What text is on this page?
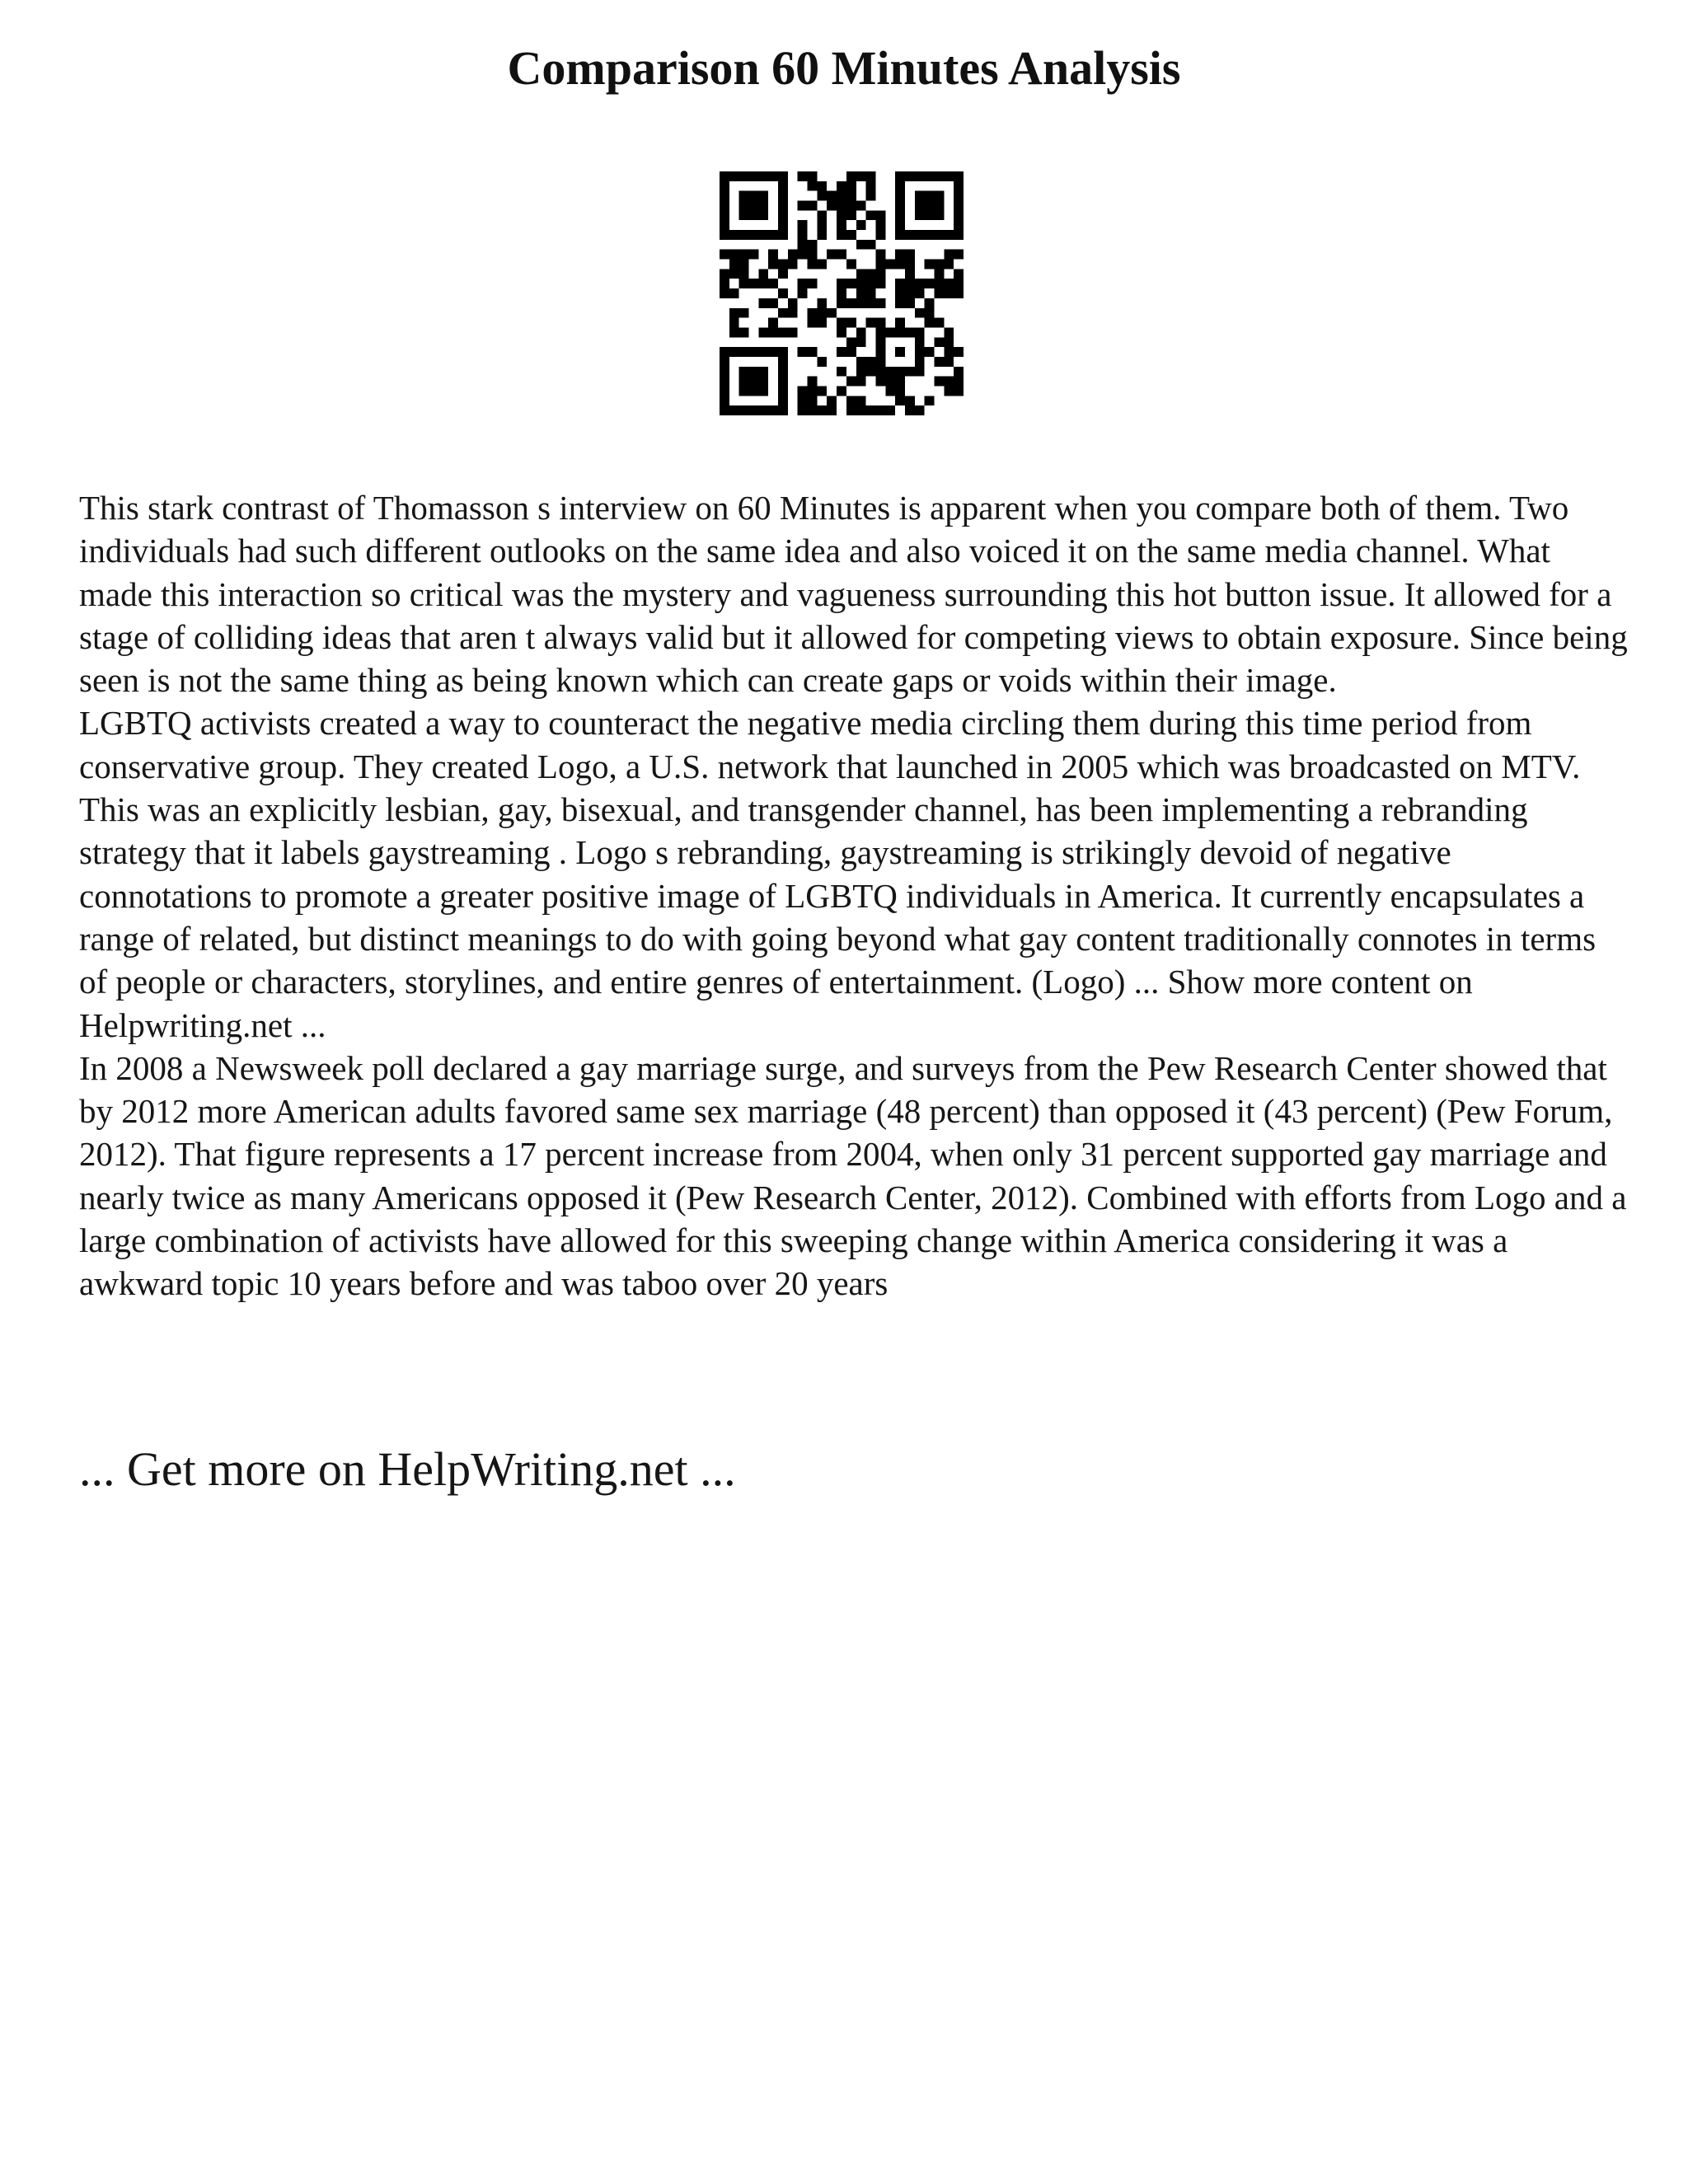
Comparison 60 Minutes Analysis

This stark contrast of Thomasson s interview on 60 Minutes is apparent when you compare both of them. Two individuals had such different outlooks on the same idea and also voiced it on the same media channel. What made this interaction so critical was the mystery and vagueness surrounding this hot button issue. It allowed for a stage of colliding ideas that aren t always valid but it allowed for competing views to obtain exposure. Since being seen is not the same thing as being known which can create gaps or voids within their image.

LGBTQ activists created a way to counteract the negative media circling them during this time period from conservative group. They created Logo, a U.S. network that launched in 2005 which was broadcasted on MTV. This was an explicitly lesbian, gay, bisexual, and transgender channel, has been implementing a rebranding strategy that it labels gaystreaming . Logo s rebranding, gaystreaming is strikingly devoid of negative connotations to promote a greater positive image of LGBTQ individuals in America. It currently encapsulates a range of related, but distinct meanings to do with going beyond what gay content traditionally connotes in terms of people or characters, storylines, and entire genres of entertainment. (Logo) ... Show more content on Helpwriting.net ...

In 2008 a Newsweek poll declared a gay marriage surge, and surveys from the Pew Research Center showed that by 2012 more American adults favored same sex marriage (48 percent) than opposed it (43 percent) (Pew Forum, 2012). That figure represents a 17 percent increase from 2004, when only 31 percent supported gay marriage and nearly twice as many Americans opposed it (Pew Research Center, 2012). Combined with efforts from Logo and a large combination of activists have allowed for this sweeping change within America considering it was a awkward topic 10 years before and was taboo over 20 years

... Get more on HelpWriting.net ...
